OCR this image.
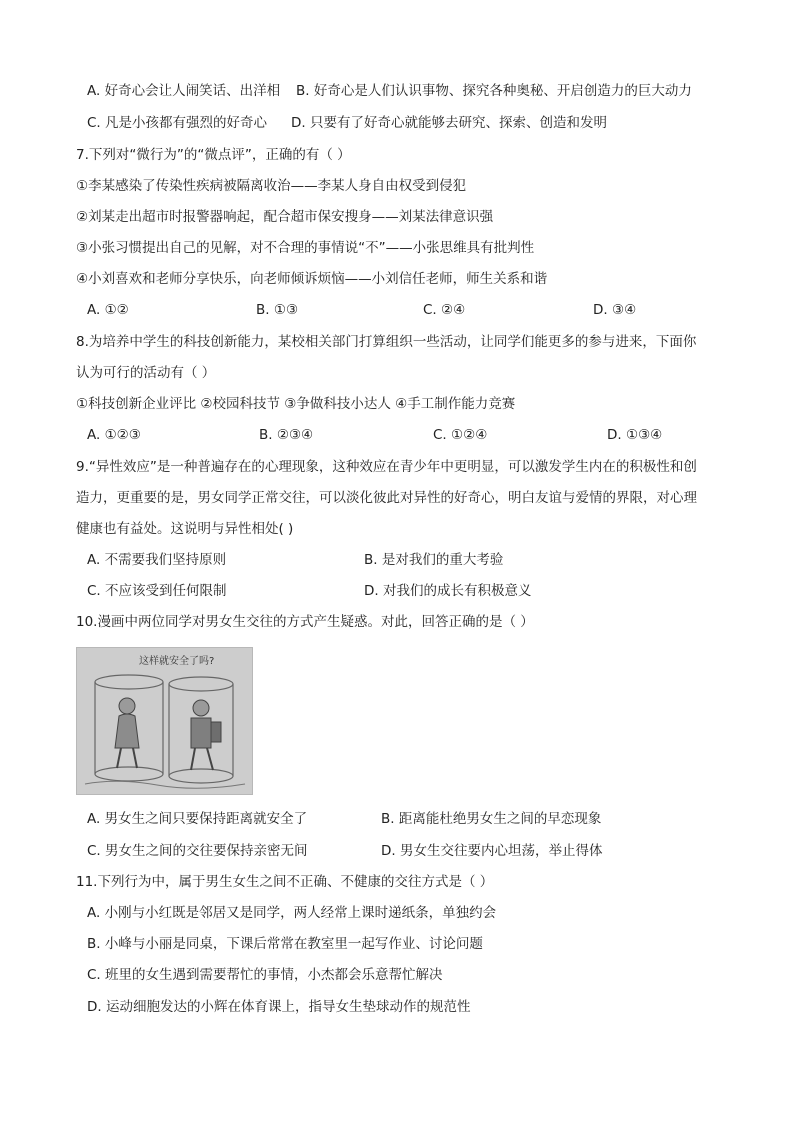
A. 好奇心会让人闹笑话、出洋相 B. 好奇心是人们认识事物、探究各种奥秘、开启创造力的巨大动力
C. 凡是小孩都有强烈的好奇心 D. 只要有了好奇心就能够去研究、探索、创造和发明
7.下列对“微行为”的“微点评”，正确的有（ ）
①李某感染了传染性疾病被隔离收治——李某人身自由权受到侵犯
②刘某走出超市时报警器响起，配合超市保安搜身——刘某法律意识强
③小张习惯提出自己的见解，对不合理的事情说“不”——小张思维具有批判性
④小刘喜欢和老师分享快乐，向老师倾诉烦恼——小刘信任老师，师生关系和谐
A. ①②	B. ①③	C. ②④	D. ③④
8.为培养中学生的科技创新能力，某校相关部门打算组织一些活动，让同学们能更多的参与进来，下面你
认为可行的活动有（ ）
①科技创新企业评比 ②校园科技节 ③争做科技小达人 ④手工制作能力竞赛
A. ①②③	B. ②③④	C. ①②④	D. ①③④
9.“异性效应”是一种普遍存在的心理现象，这种效应在青少年中更明显，可以激发学生内在的积极性和创
造力，更重要的是，男女同学正常交往，可以淡化彼此对异性的好奇心，明白友谊与爱情的界限，对心理
健康也有益处。这说明与异性相处( )
A. 不需要我们坚持原则	B. 是对我们的重大考验
C. 不应该受到任何限制	D. 对我们的成长有积极意义
10.漫画中两位同学对男女生交往的方式产生疑惑。对此，回答正确的是（ ）
这样就安全了吗?
A. 男女生之间只要保持距离就安全了	B. 距离能杜绝男女生之间的早恋现象
C. 男女生之间的交往要保持亲密无间	D. 男女生交往要内心坦荡，举止得体
11.下列行为中，属于男生女生之间不正确、不健康的交往方式是（ ）
A. 小刚与小红既是邻居又是同学，两人经常上课时递纸条，单独约会
B. 小峰与小丽是同桌，下课后常常在教室里一起写作业、讨论问题
C. 班里的女生遇到需要帮忙的事情，小杰都会乐意帮忙解决
D. 运动细胞发达的小辉在体育课上，指导女生垫球动作的规范性
